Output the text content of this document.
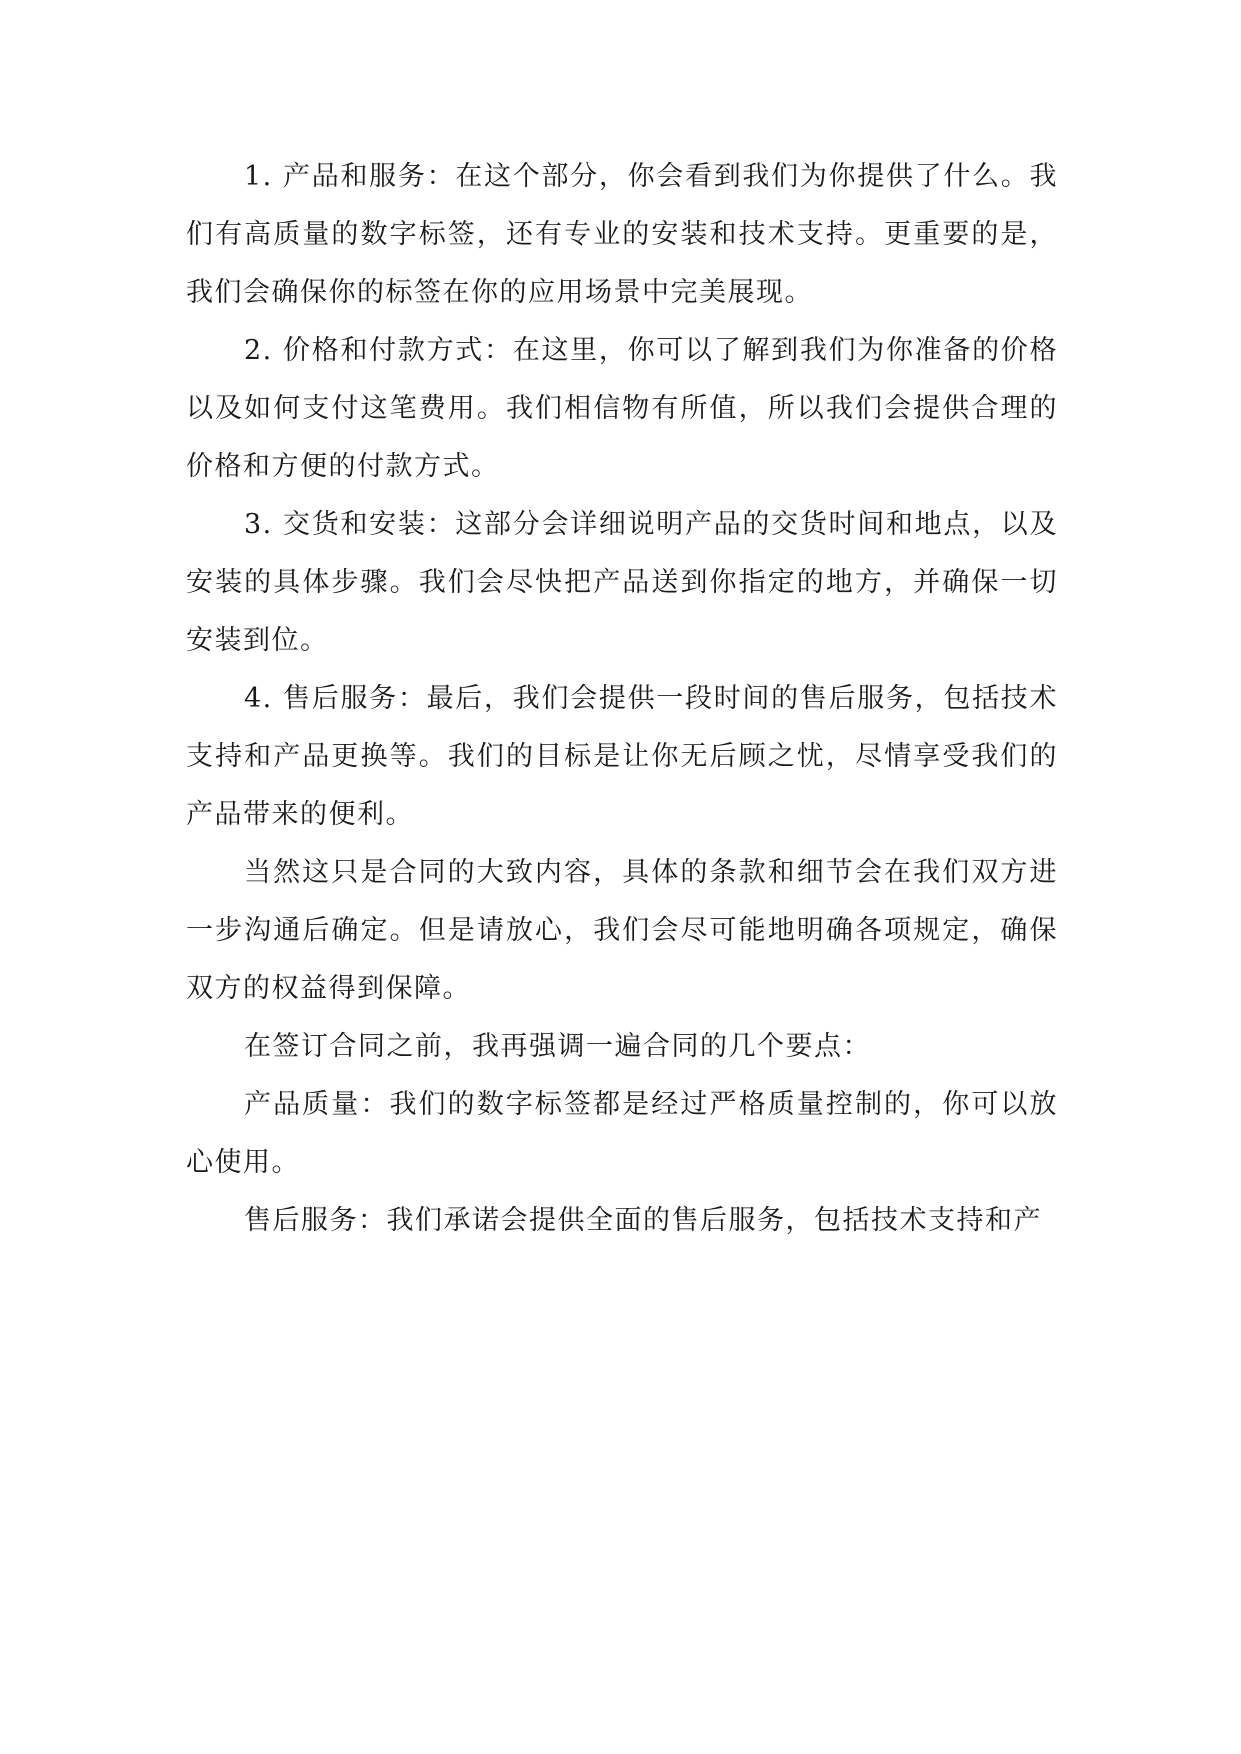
1. 产品和服务：在这个部分，你会看到我们为你提供了什么。我们有高质量的数字标签，还有专业的安装和技术支持。更重要的是，我们会确保你的标签在你的应用场景中完美展现。

2. 价格和付款方式：在这里，你可以了解到我们为你准备的价格以及如何支付这笔费用。我们相信物有所值，所以我们会提供合理的价格和方便的付款方式。

3. 交货和安装：这部分会详细说明产品的交货时间和地点，以及安装的具体步骤。我们会尽快把产品送到你指定的地方，并确保一切安装到位。

4. 售后服务：最后，我们会提供一段时间的售后服务，包括技术支持和产品更换等。我们的目标是让你无后顾之忧，尽情享受我们的产品带来的便利。

当然这只是合同的大致内容，具体的条款和细节会在我们双方进一步沟通后确定。但是请放心，我们会尽可能地明确各项规定，确保双方的权益得到保障。

在签订合同之前，我再强调一遍合同的几个要点：

产品质量：我们的数字标签都是经过严格质量控制的，你可以放心使用。

售后服务：我们承诺会提供全面的售后服务，包括技术支持和产
